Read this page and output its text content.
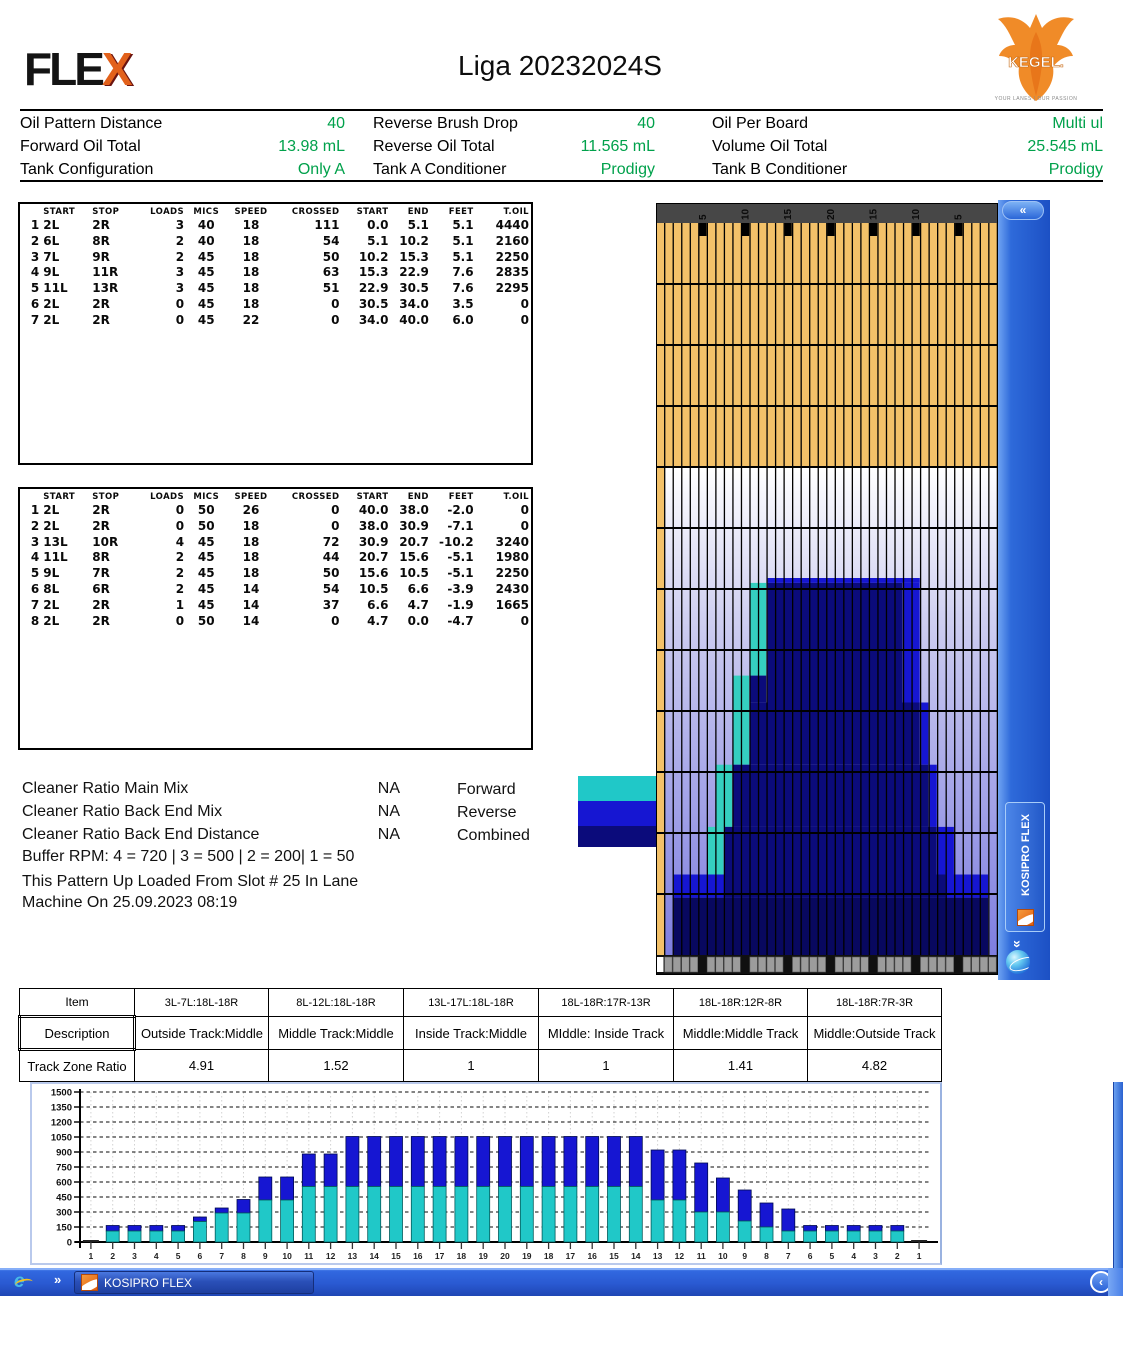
FLEX	Liga 20232024S	KEGEL.
YOUR LANES | OUR PASSION
Oil Pattern Distance	40
Forward Oil Total	13.98 mL
Tank Configuration	Only A
Reverse Brush Drop	40
Reverse Oil Total	11.565 mL
Tank A Conditioner	Prodigy
Oil Per Board	Multi ul
Volume Oil Total	25.545 mL
Tank B Conditioner	Prodigy
	START	STOP	LOADS	MICS	SPEED	CROSSED	START	END	FEET	T.OIL
1	2L	2R	3	40	18	111	0.0	5.1	5.1	4440
2	6L	8R	2	40	18	54	5.1	10.2	5.1	2160
3	7L	9R	2	45	18	50	10.2	15.3	5.1	2250
4	9L	11R	3	45	18	63	15.3	22.9	7.6	2835
5	11L	13R	3	45	18	51	22.9	30.5	7.6	2295
6	2L	2R	0	45	18	0	30.5	34.0	3.5	0
7	2L	2R	0	45	22	0	34.0	40.0	6.0	0
	START	STOP	LOADS	MICS	SPEED	CROSSED	START	END	FEET	T.OIL
1	2L	2R	0	50	26	0	40.0	38.0	-2.0	0
2	2L	2R	0	50	18	0	38.0	30.9	-7.1	0
3	13L	10R	4	45	18	72	30.9	20.7	-10.2	3240
4	11L	8R	2	45	18	44	20.7	15.6	-5.1	1980
5	9L	7R	2	45	18	50	15.6	10.5	-5.1	2250
6	8L	6R	2	45	14	54	10.5	6.6	-3.9	2430
7	2L	2R	1	45	14	37	6.6	4.7	-1.9	1665
8	2L	2R	0	50	14	0	4.7	0.0	-4.7	0
Cleaner Ratio Main Mix	NA
Cleaner Ratio Back End Mix	NA
Cleaner Ratio Back End Distance	NA
Forward
Reverse
Combined
Buffer RPM: 4 = 720 | 3 = 500 | 2 = 200| 1 = 50
This Pattern Up Loaded From Slot # 25 In Lane
Machine On 25.09.2023 08:19
5	10	15	20	15	10	5
«
KOSIPRO FLEX
»
Item	3L-7L:18L-18R	8L-12L:18L-18R	13L-17L:18L-18R	18L-18R:17R-13R	18L-18R:12R-8R	18L-18R:7R-3R
Description	Outside Track:Middle	Middle Track:Middle	Inside Track:Middle	MIddle: Inside Track	Middle:Middle Track	Middle:Outside Track
Track Zone Ratio	4.91	1.52	1	1	1.41	4.82
0
150
300
450
600
750
900
1050
1200
1350
1500
1 2 3 4 5 6 7 8 9 10 11 12 13 14 15 16 17 18 19 20 19 18 17 16 15 14 13 12 11 10 9 8 7 6 5 4 3 2 1
e	»	KOSIPRO FLEX	‹
